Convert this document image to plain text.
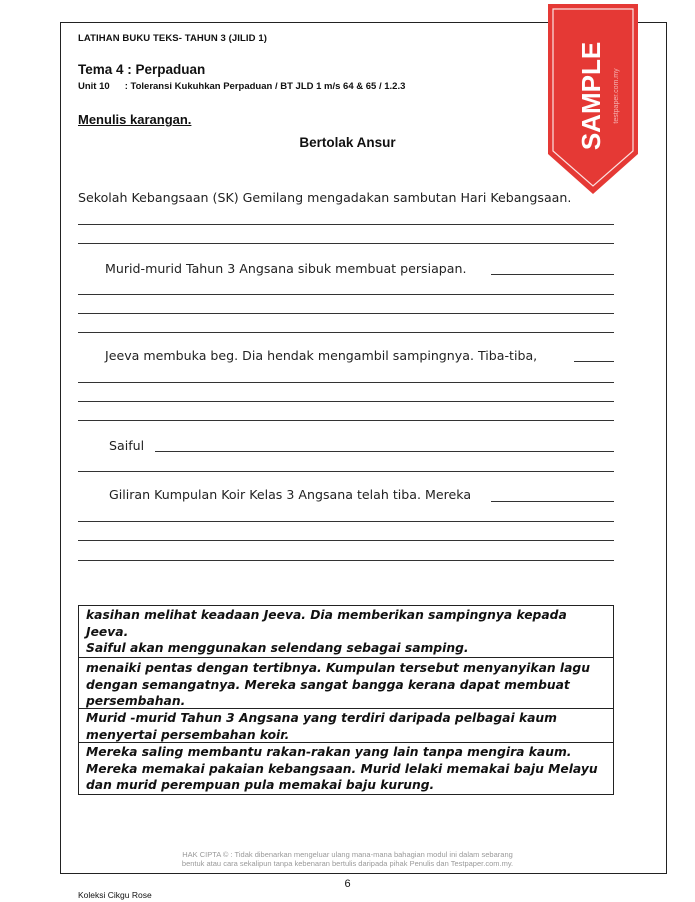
LATIHAN BUKU TEKS- TAHUN 3 (JILID 1)
Tema 4 : Perpaduan
Unit 10 : Toleransi Kukuhkan Perpaduan / BT JLD 1 m/s 64 & 65 / 1.2.3
Menulis karangan.
Bertolak Ansur
Sekolah Kebangsaan (SK) Gemilang mengadakan sambutan Hari Kebangsaan.
Murid-murid Tahun 3 Angsana sibuk membuat persiapan.
Jeeva membuka beg. Dia hendak mengambil sampingnya. Tiba-tiba,
Saiful
Giliran Kumpulan Koir Kelas 3 Angsana telah tiba. Mereka
kasihan melihat keadaan Jeeva. Dia memberikan sampingnya kepada Jeeva.
Saiful akan menggunakan selendang sebagai samping.
menaiki pentas dengan tertibnya. Kumpulan tersebut menyanyikan lagu
dengan semangatnya. Mereka sangat bangga kerana dapat membuat
persembahan.
Murid -murid Tahun 3 Angsana yang terdiri daripada pelbagai kaum
menyertai persembahan koir.
Mereka saling membantu rakan-rakan yang lain tanpa mengira kaum.
Mereka memakai pakaian kebangsaan. Murid lelaki memakai baju Melayu
dan murid perempuan pula memakai baju kurung.
HAK CIPTA © : Tidak dibenarkan mengeluar ulang mana-mana bahagian modul ini dalam sebarang
bentuk atau cara sekalipun tanpa kebenaran bertulis daripada pihak Penulis dan Testpaper.com.my.
6
Koleksi Cikgu Rose
SAMPLE testpaper.com.my
